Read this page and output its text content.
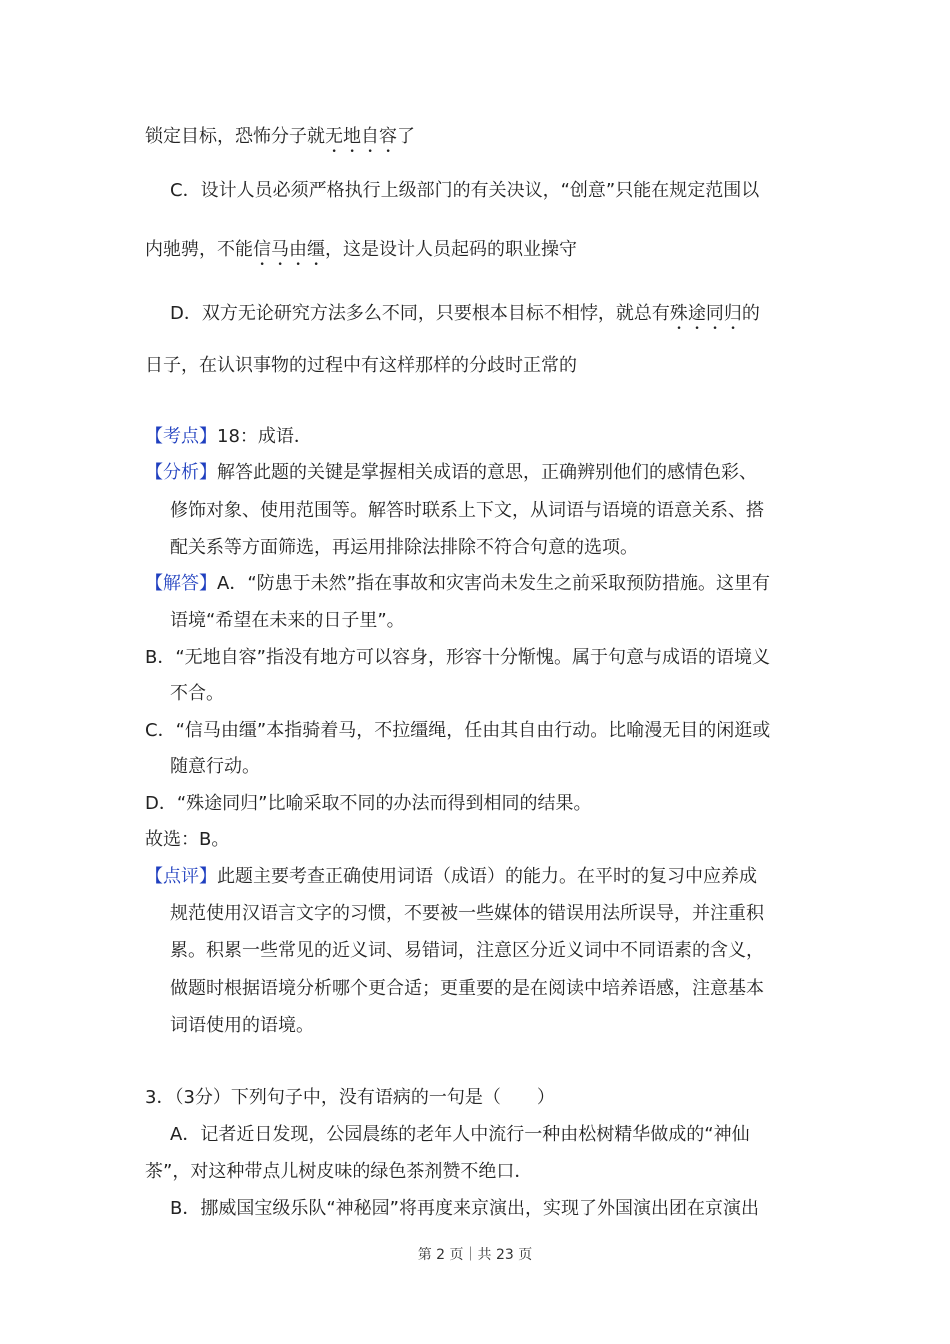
锁定目标，恐怖分子就无地自容了
C．设计人员必须严格执行上级部门的有关决议，“创意”只能在规定范围以
内驰骋，不能信马由缰，这是设计人员起码的职业操守
D．双方无论研究方法多么不同，只要根本目标不相悖，就总有殊途同归的
日子，在认识事物的过程中有这样那样的分歧时正常的
【考点】18：成语．
【分析】解答此题的关键是掌握相关成语的意思，正确辨别他们的感情色彩、
修饰对象、使用范围等。解答时联系上下文，从词语与语境的语意关系、搭
配关系等方面筛选，再运用排除法排除不符合句意的选项。
【解答】A．“防患于未然”指在事故和灾害尚未发生之前采取预防措施。这里有
语境“希望在未来的日子里”。
B．“无地自容”指没有地方可以容身，形容十分惭愧。属于句意与成语的语境义
不合。
C．“信马由缰”本指骑着马，不拉缰绳，任由其自由行动。比喻漫无目的闲逛或
随意行动。
D．“殊途同归”比喻采取不同的办法而得到相同的结果。
故选：B。
【点评】此题主要考查正确使用词语（成语）的能力。在平时的复习中应养成
规范使用汉语言文字的习惯，不要被一些媒体的错误用法所误导，并注重积
累。积累一些常见的近义词、易错词，注意区分近义词中不同语素的含义，
做题时根据语境分析哪个更合适；更重要的是在阅读中培养语感，注意基本
词语使用的语境。
3．（3分）下列句子中，没有语病的一句是（　　）
A．记者近日发现，公园晨练的老年人中流行一种由松树精华做成的“神仙
茶”，对这种带点儿树皮味的绿色茶剂赞不绝口．
B．挪威国宝级乐队“神秘园”将再度来京演出，实现了外国演出团在京演出
第 2 页｜共 23 页
